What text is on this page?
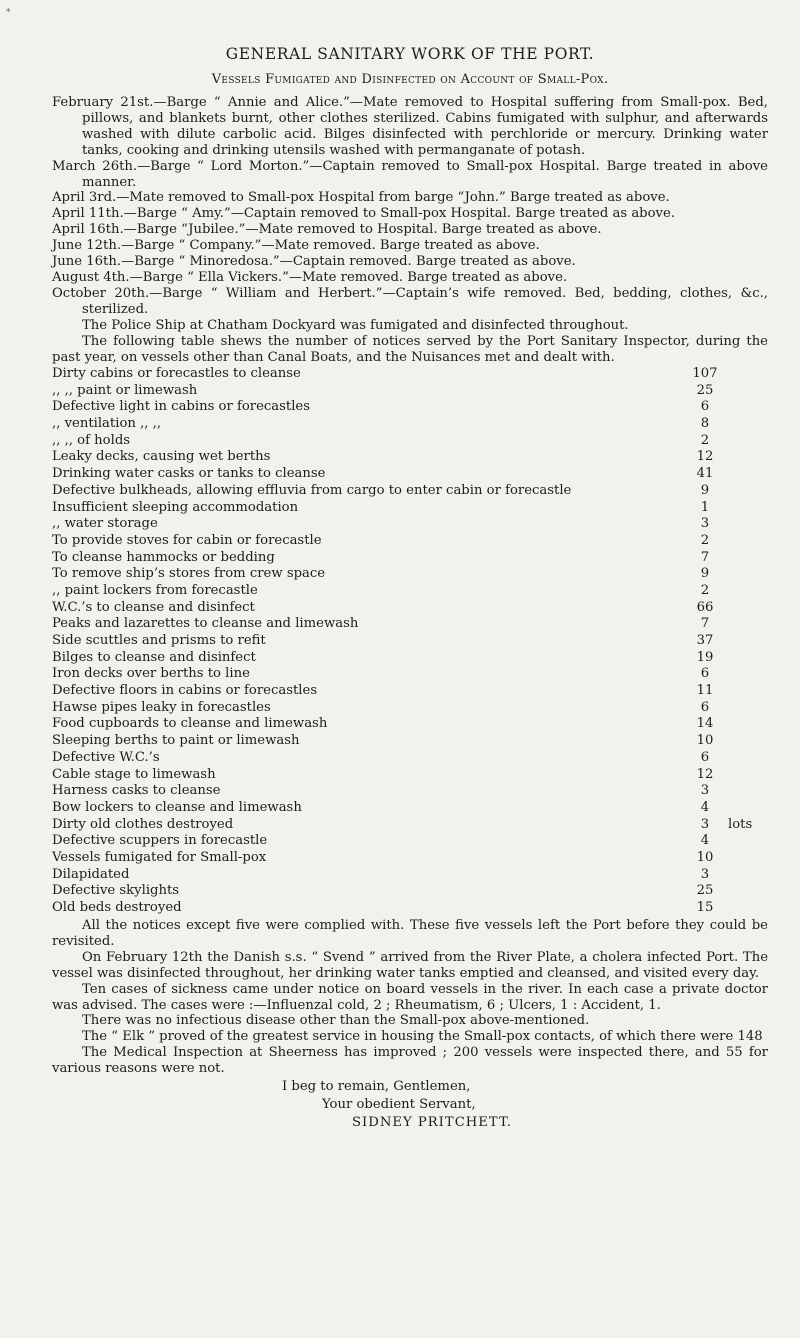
*
GENERAL SANITARY WORK OF THE PORT.
Vessels Fumigated and Disinfected on Account of Small-Pox.

February 21st.—Barge “ Annie and Alice.”—Mate removed to Hospital suffering from Small-pox. Bed, pillows, and blankets burnt, other clothes sterilized. Cabins fumigated with sulphur, and afterwards washed with dilute carbolic acid. Bilges disinfected with perchloride or mercury. Drinking water tanks, cooking and drinking utensils washed with permanganate of potash.

March 26th.—Barge “ Lord Morton.”—Captain removed to Small-pox Hospital. Barge treated in above manner.

April 3rd.—Mate removed to Small-pox Hospital from barge “John.” Barge treated as above.

April 11th.—Barge “ Amy.”—Captain removed to Small-pox Hospital. Barge treated as above.

April 16th.—Barge “Jubilee.”—Mate removed to Hospital. Barge treated as above.

June 12th.—Barge “ Company.”—Mate removed. Barge treated as above.

June 16th.—Barge “ Minoredosa.”—Captain removed. Barge treated as above.

August 4th.—Barge “ Ella Vickers.”—Mate removed. Barge treated as above.

October 20th.—Barge “ William and Herbert.”—Captain’s wife removed. Bed, bedding, clothes, &c., sterilized.

The Police Ship at Chatham Dockyard was fumigated and disinfected throughout.

The following table shews the number of notices served by the Port Sanitary Inspector, during the past year, on vessels other than Canal Boats, and the Nuisances met and dealt with.

Dirty cabins or forecastles to cleanse	107
,, ,, paint or limewash	25
Defective light in cabins or forecastles	6
,, ventilation ,, ,,	8
,, ,, of holds	2
Leaky decks, causing wet berths	12
Drinking water casks or tanks to cleanse	41
Defective bulkheads, allowing effluvia from cargo to enter cabin or forecastle	9
Insufficient sleeping accommodation	1
,, water storage	3
To provide stoves for cabin or forecastle	2
To cleanse hammocks or bedding	7
To remove ship’s stores from crew space	9
,, paint lockers from forecastle	2
W.C.’s to cleanse and disinfect	66
Peaks and lazarettes to cleanse and limewash	7
Side scuttles and prisms to refit	37
Bilges to cleanse and disinfect	19
Iron decks over berths to line	6
Defective floors in cabins or forecastles	11
Hawse pipes leaky in forecastles	6
Food cupboards to cleanse and limewash	14
Sleeping berths to paint or limewash	10
Defective W.C.’s	6
Cable stage to limewash	12
Harness casks to cleanse	3
Bow lockers to cleanse and limewash	4
Dirty old clothes destroyed	3	lots
Defective scuppers in forecastle	4
Vessels fumigated for Small-pox	10
Dilapidated	3
Defective skylights	25
Old beds destroyed	15

All the notices except five were complied with. These five vessels left the Port before they could be revisited.

On February 12th the Danish s.s. “ Svend ” arrived from the River Plate, a cholera infected Port. The vessel was disinfected throughout, her drinking water tanks emptied and cleansed, and visited every day.

Ten cases of sickness came under notice on board vessels in the river. In each case a private doctor was advised. The cases were :—Influenzal cold, 2 ; Rheumatism, 6 ; Ulcers, 1 : Accident, 1.

There was no infectious disease other than the Small-pox above-mentioned.

The “ Elk ” proved of the greatest service in housing the Small-pox contacts, of which there were 148

The Medical Inspection at Sheerness has improved ; 200 vessels were inspected there, and 55 for various reasons were not.

I beg to remain, Gentlemen,
Your obedient Servant,
SIDNEY PRITCHETT.
